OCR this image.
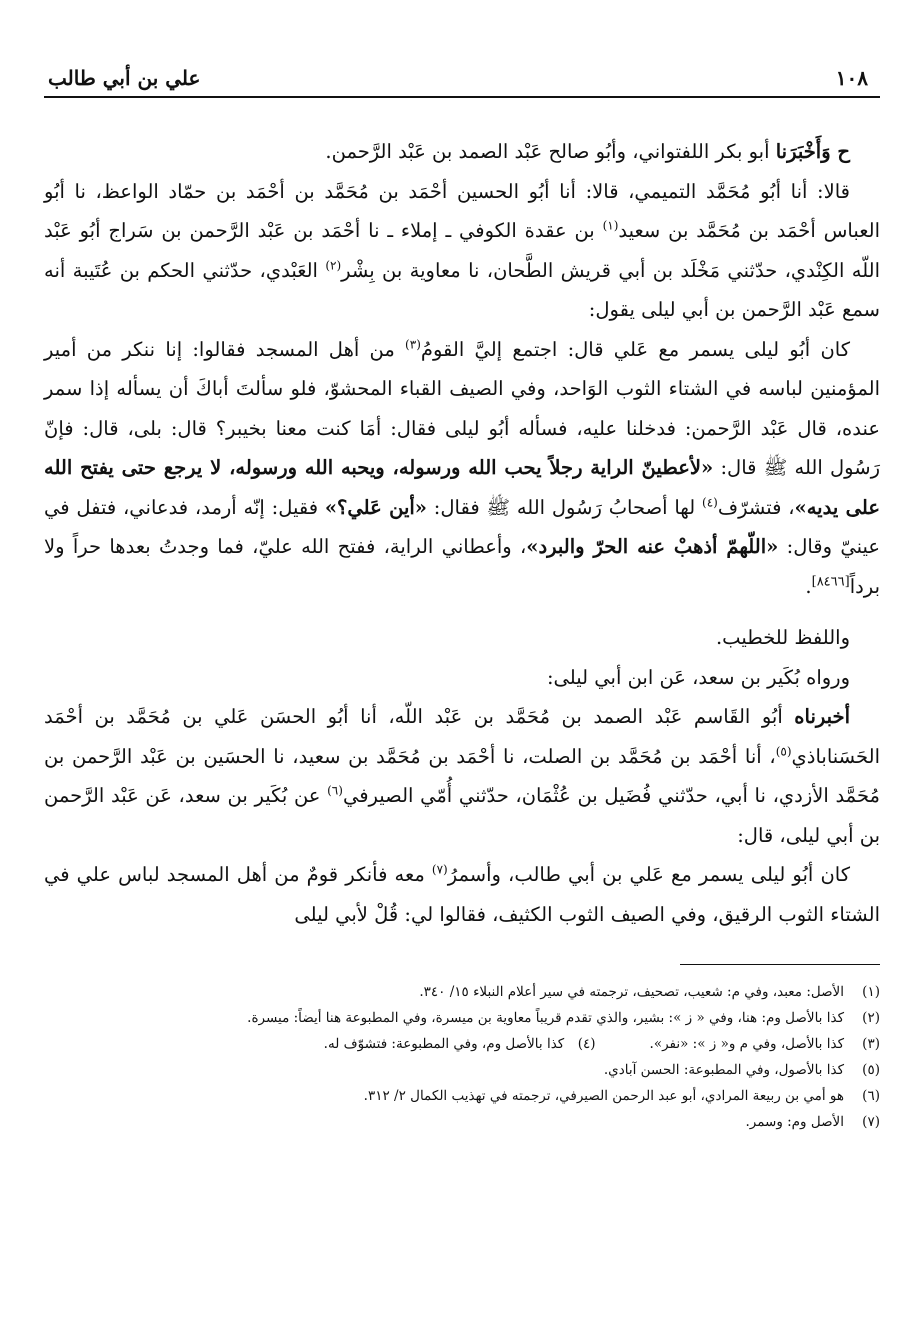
١٠٨
علي بن أبي طالب

ح وَأَخْبَرَنا أبو بكر اللفتواني، وأبُو صالح عَبْد الصمد بن عَبْد الرَّحمن.

قالا: أنا أبُو مُحَمَّد التميمي، قالا: أنا أبُو الحسين أحْمَد بن مُحَمَّد بن أحْمَد بن حمّاد الواعظ، نا أبُو العباس أحْمَد بن مُحَمَّد بن سعيد$^{(١)}$ بن عقدة الكوفي ـ إملاء ـ نا أحْمَد بن عَبْد الرَّحمن بن سَراج أبُو عَبْد اللّه الكِنْدي، حدّثني مَخْلَد بن أبي قريش الطَّحان، نا معاوية بن بِشْر$^{(٢)}$ العَبْدي، حدّثني الحكم بن عُتَيبة أنه سمع عَبْد الرَّحمن بن أبي ليلى يقول:

كان أبُو ليلى يسمر مع عَلي قال: اجتمع إليَّ القومُ$^{(٣)}$ من أهل المسجد فقالوا: إنا ننكر من أمير المؤمنين لباسه في الشتاء الثوب الوَاحد، وفي الصيف القباء المحشوّ، فلو سألتَ أباكَ أن يسأله إذا سمر عنده، قال عَبْد الرَّحمن: فدخلنا عليه، فسأله أبُو ليلى فقال: أمَا كنت معنا بخيبر؟ قال: بلى، قال: فإنّ رَسُول الله ﷺ قال: «لأعطينّ الراية رجلاً يحب الله ورسوله، ويحبه الله ورسوله، لا يرجع حتى يفتح الله على يديه»، فتشرّف$^{(٤)}$ لها أصحابُ رَسُول الله ﷺ فقال: «أين عَلي؟» فقيل: إنّه أرمد، فدعاني، فتفل في عينيّ وقال: «اللّهمّ أذهبْ عنه الحرّ والبرد»، وأعطاني الراية، ففتح الله عليّ، فما وجدتُ بعدها حراً ولا برداً[٨٤٦٦].

واللفظ للخطيب.

ورواه بُكَير بن سعد، عَن ابن أبي ليلى:

أخبرناه أبُو القَاسم عَبْد الصمد بن مُحَمَّد بن عَبْد اللّه، أنا أبُو الحسَن عَلي بن مُحَمَّد بن أحْمَد الحَسَناباذي$^{(٥)}$، أنا أحْمَد بن مُحَمَّد بن الصلت، نا أحْمَد بن مُحَمَّد بن سعيد، نا الحسَين بن عَبْد الرَّحمن بن مُحَمَّد الأزدي، نا أبي، حدّثني فُضَيل بن عُثْمَان، حدّثني أُمّي الصيرفي$^{(٦)}$ عن بُكَير بن سعد، عَن عَبْد الرَّحمن بن أبي ليلى، قال:

كان أبُو ليلى يسمر مع عَلي بن أبي طالب، وأسمرُ$^{(٧)}$ معه فأنكر قومٌ من أهل المسجد لباس علي في الشتاء الثوب الرقيق، وفي الصيف الثوب الكثيف، فقالوا لي: قُلْ لأبي ليلى

(١)
الأصل: معبد، وفي م: شعيب، تصحيف، ترجمته في سير أعلام النبلاء ١٥/ ٣٤٠.
(٢)
كذا بالأصل وم: هنا، وفي « ز »: بشير، والذي تقدم قريباً معاوية بن ميسرة، وفي المطبوعة هنا أيضاً: ميسرة.
(٣)
كذا بالأصل، وفي م و« ز »: «نفر».(٤) كذا بالأصل وم، وفي المطبوعة: فتشوّف له.
(٥)
كذا بالأصول، وفي المطبوعة: الحسن آبادي.
(٦)
هو أمي بن ربيعة المرادي، أبو عبد الرحمن الصيرفي، ترجمته في تهذيب الكمال ٢/ ٣١٢.
(٧)
الأصل وم: وسمر.
